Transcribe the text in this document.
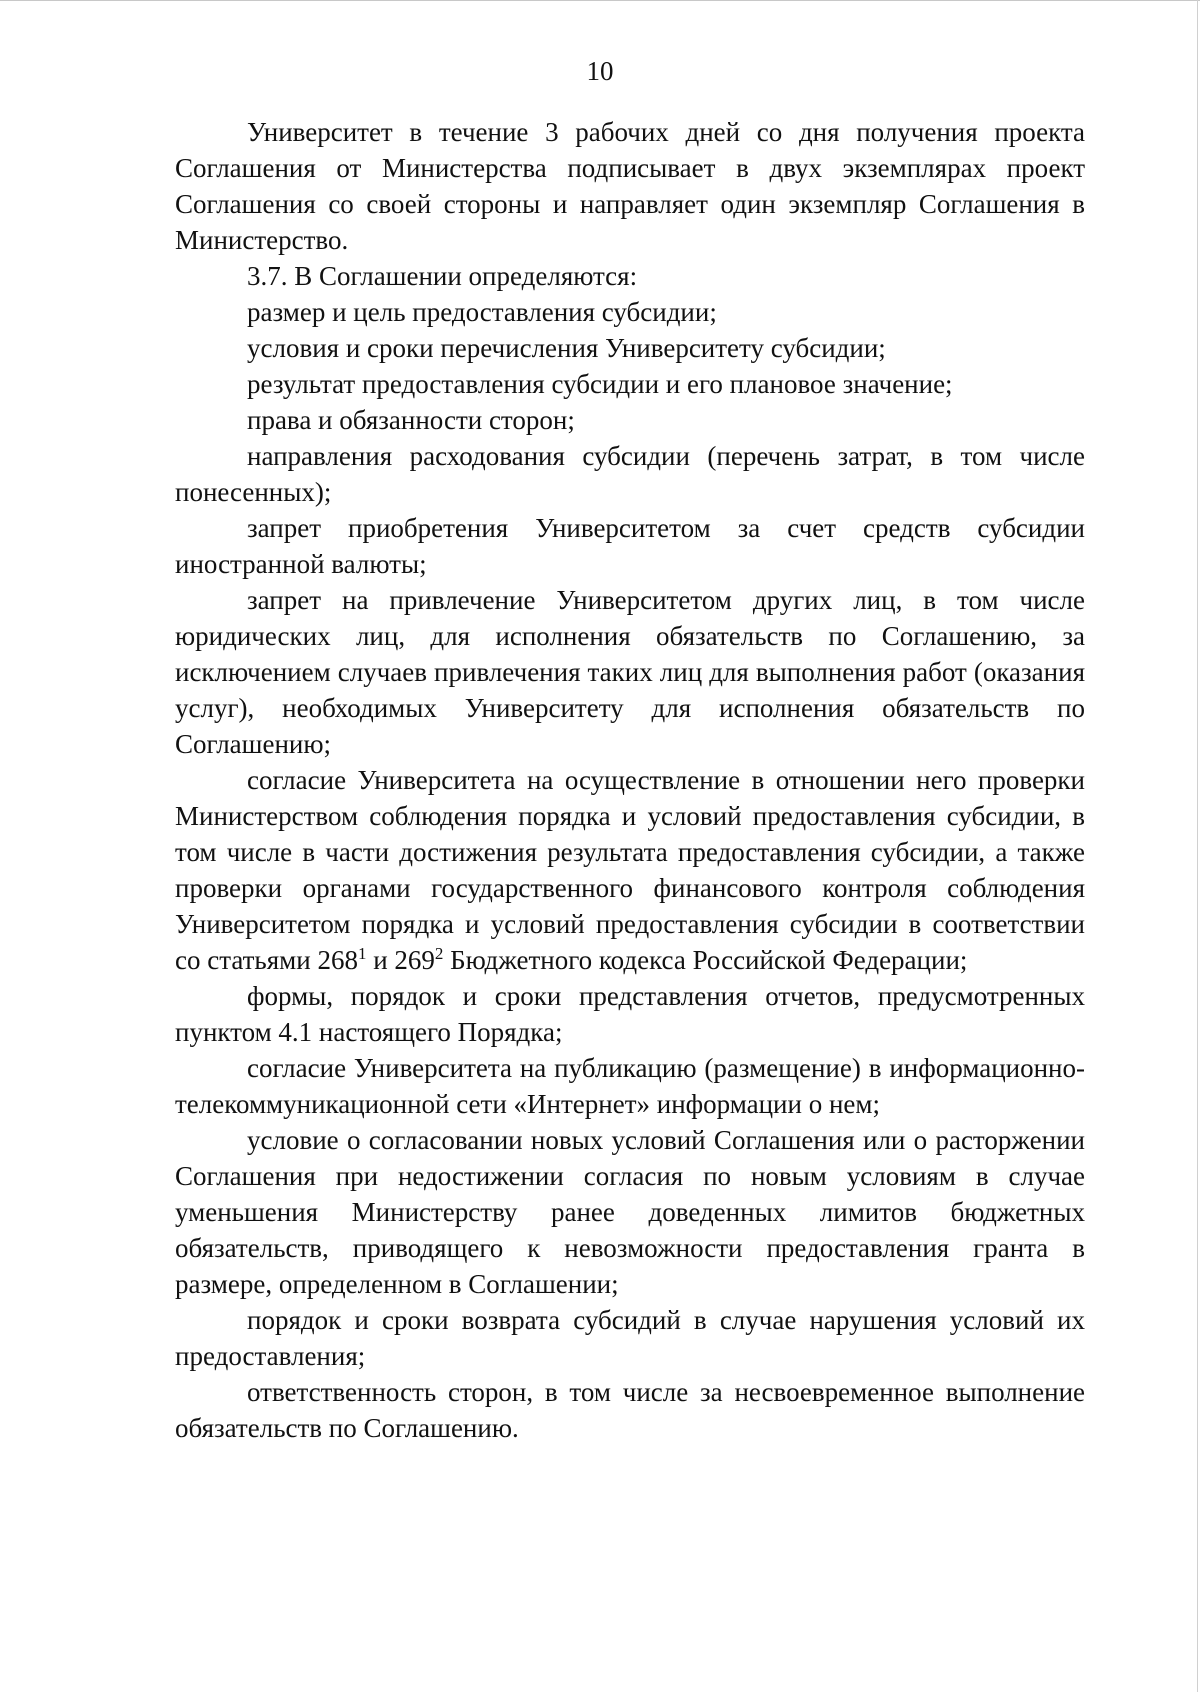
10

Университет в течение 3 рабочих дней со дня получения проекта Соглашения от Министерства подписывает в двух экземплярах проект Соглашения со своей стороны и направляет один экземпляр Соглашения в Министерство.

3.7. В Соглашении определяются:

размер и цель предоставления субсидии;

условия и сроки перечисления Университету субсидии;

результат предоставления субсидии и его плановое значение;

права и обязанности сторон;

направления расходования субсидии (перечень затрат, в том числе понесенных);

запрет приобретения Университетом за счет средств субсидии иностранной валюты;

запрет на привлечение Университетом других лиц, в том числе юридических лиц, для исполнения обязательств по Соглашению, за исключением случаев привлечения таких лиц для выполнения работ (оказания услуг), необходимых Университету для исполнения обязательств по Соглашению;

согласие Университета на осуществление в отношении него проверки Министерством соблюдения порядка и условий предоставления субсидии, в том числе в части достижения результата предоставления субсидии, а также проверки органами государственного финансового контроля соблюдения Университетом порядка и условий предоставления субсидии в соответствии со статьями $268^1$ и $269^2$ Бюджетного кодекса Российской Федерации;

формы, порядок и сроки представления отчетов, предусмотренных пунктом 4.1 настоящего Порядка;

согласие Университета на публикацию (размещение) в информационно-телекоммуникационной сети «Интернет» информации о нем;

условие о согласовании новых условий Соглашения или о расторжении Соглашения при недостижении согласия по новым условиям в случае уменьшения Министерству ранее доведенных лимитов бюджетных обязательств, приводящего к невозможности предоставления гранта в размере, определенном в Соглашении;

порядок и сроки возврата субсидий в случае нарушения условий их предоставления;

ответственность сторон, в том числе за несвоевременное выполнение обязательств по Соглашению.
